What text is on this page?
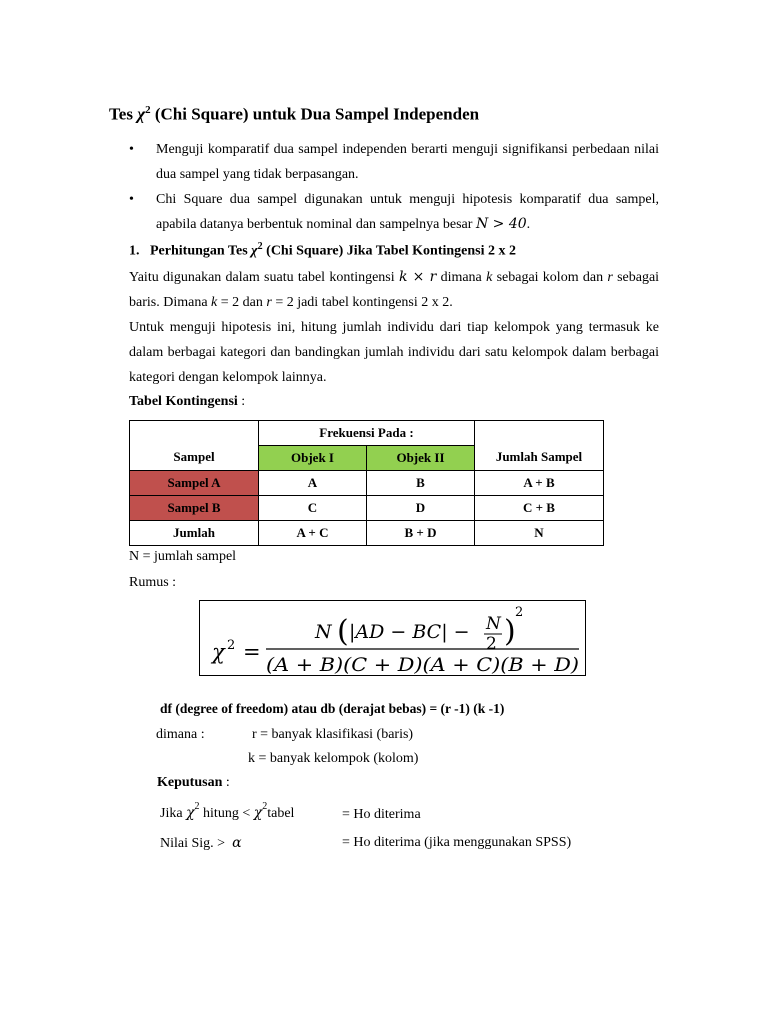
Tes $\chi^2$ (Chi Square) untuk Dua Sampel Independen
• Menguji komparatif dua sampel independen berarti menguji signifikansi perbedaan nilai dua sampel yang tidak berpasangan.
• Chi Square dua sampel digunakan untuk menguji hipotesis komparatif dua sampel, apabila datanya berbentuk nominal dan sampelnya besar N > 40.
1. Perhitungan Tes $\chi^2$ (Chi Square) Jika Tabel Kontingensi 2 x 2
Yaitu digunakan dalam suatu tabel kontingensi k × r dimana k sebagai kolom dan r sebagai baris. Dimana k = 2 dan r = 2 jadi tabel kontingensi 2 x 2.
Untuk menguji hipotesis ini, hitung jumlah individu dari tiap kelompok yang termasuk ke dalam berbagai kategori dan bandingkan jumlah individu dari satu kelompok dalam berbagai kategori dengan kelompok lainnya.
Tabel Kontingensi :
Sampel	Frekuensi Pada :		Jumlah Sampel
	Objek I	Objek II	
Sampel A	A	B	A + B
Sampel B	C	D	C + B
Jumlah	A + C	B + D	N
N = jumlah sampel
Rumus :
χ 2 =
N ( |AD − BC| − N
2 )
2
(A + B)(C + D)(A + C)(B + D)
df (degree of freedom) atau db (derajat bebas) = (r -1) (k -1)
dimana :	r = banyak klasifikasi (baris)
k = banyak kelompok (kolom)
Keputusan :
Jika $\chi^2$ hitung < $\chi^2tabel$	= Ho diterima
Nilai Sig. > α	= Ho diterima (jika menggunakan SPSS)
